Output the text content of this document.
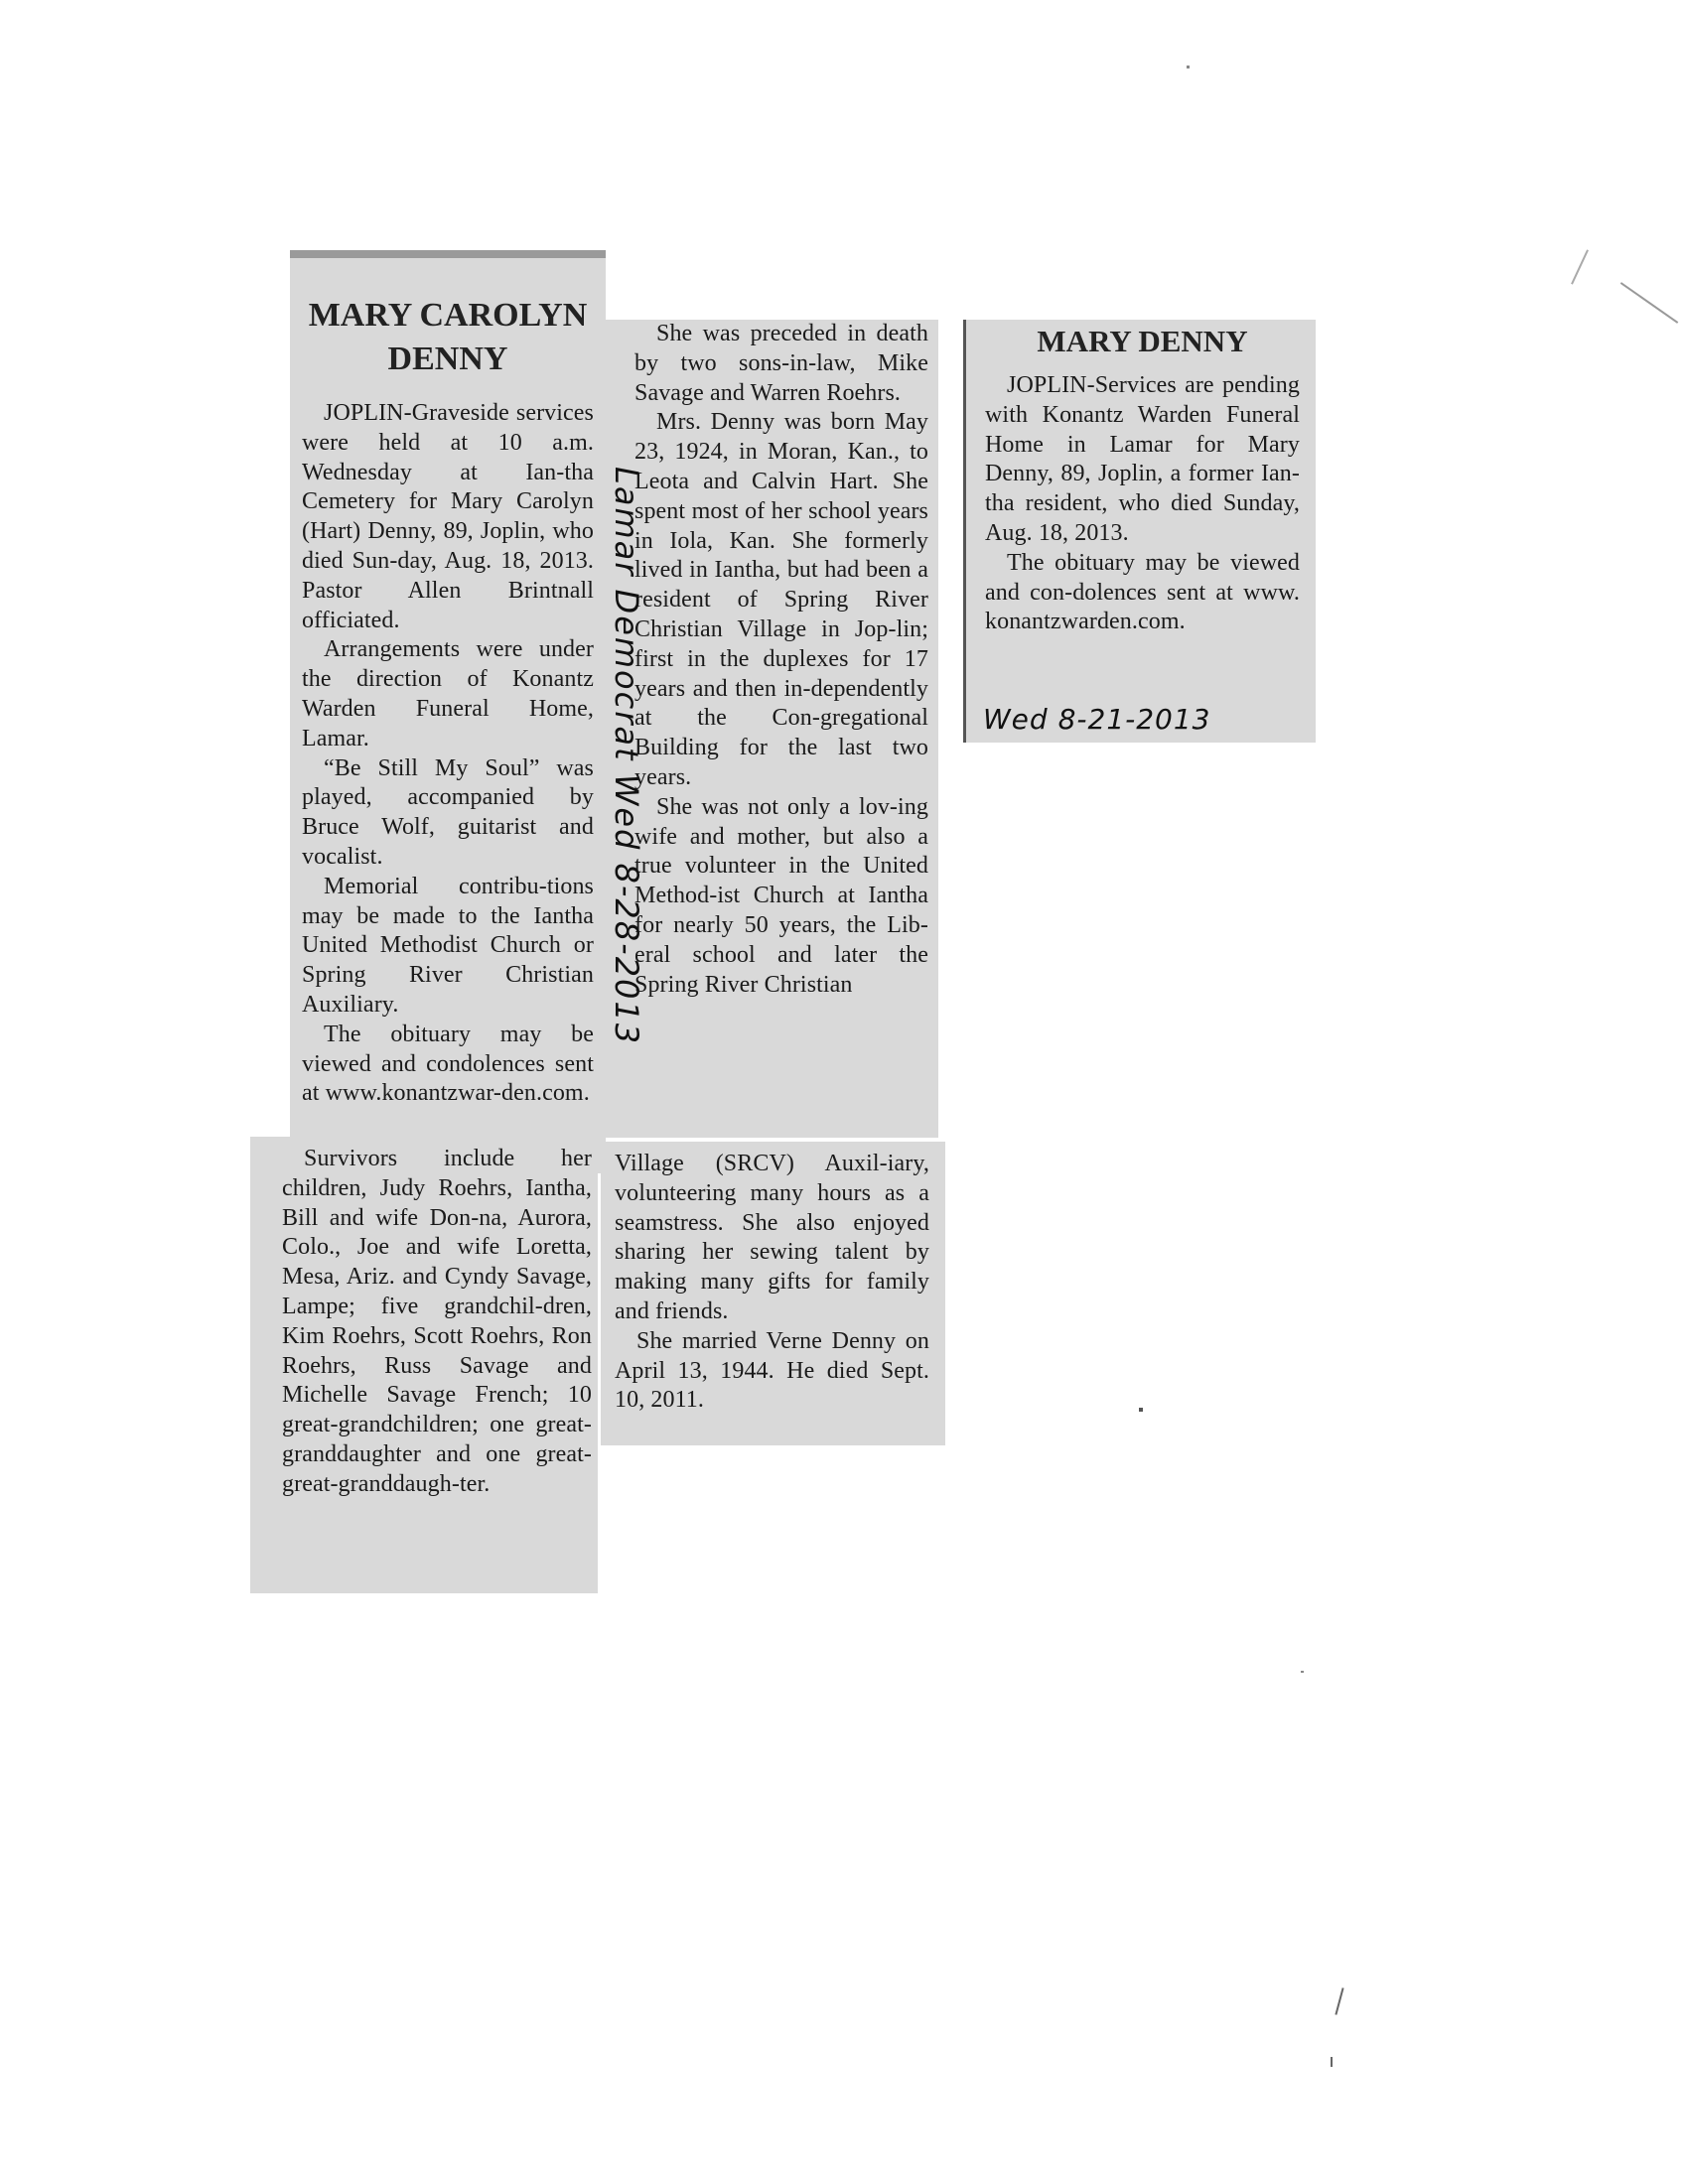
MARY CAROLYN
DENNY

JOPLIN-Graveside services were held at 10 a.m. Wednesday at Ian-tha Cemetery for Mary Carolyn (Hart) Denny, 89, Joplin, who died Sun-day, Aug. 18, 2013. Pastor Allen Brintnall officiated.

Arrangements were under the direction of Konantz Warden Funeral Home, Lamar.

“Be Still My Soul” was played, accompanied by Bruce Wolf, guitarist and vocalist.

Memorial contribu-tions may be made to the Iantha United Methodist Church or Spring River Christian Auxiliary.

The obituary may be viewed and condolences sent at www.konantzwar-den.com.

Survivors include her children, Judy Roehrs, Iantha, Bill and wife Don-na, Aurora, Colo., Joe and wife Loretta, Mesa, Ariz. and Cyndy Savage, Lampe; five grandchil-dren, Kim Roehrs, Scott Roehrs, Ron Roehrs, Russ Savage and Michelle Savage French; 10 great-grandchildren; one great-granddaughter and one great-great-granddaugh-ter.

She was preceded in death by two sons-in-law, Mike Savage and Warren Roehrs.

Mrs. Denny was born May 23, 1924, in Moran, Kan., to Leota and Calvin Hart. She spent most of her school years in Iola, Kan. She formerly lived in Iantha, but had been a resident of Spring River Christian Village in Jop-lin; first in the duplexes for 17 years and then in-dependently at the Con-gregational Building for the last two years.

She was not only a lov-ing wife and mother, but also a true volunteer in the United Method-ist Church at Iantha for nearly 50 years, the Lib-eral school and later the Spring River Christian

Village (SRCV) Auxil-iary, volunteering many hours as a seamstress. She also enjoyed sharing her sewing talent by making many gifts for family and friends.

She married Verne Denny on April 13, 1944. He died Sept. 10, 2011.

MARY DENNY

JOPLIN-Services are pending with Konantz Warden Funeral Home in Lamar for Mary Denny, 89, Joplin, a former Ian-tha resident, who died Sunday, Aug. 18, 2013.

The obituary may be viewed and con-dolences sent at www. konantzwarden.com.

Lamar Democrat Wed 8-28-2013	Wed 8-21-2013
